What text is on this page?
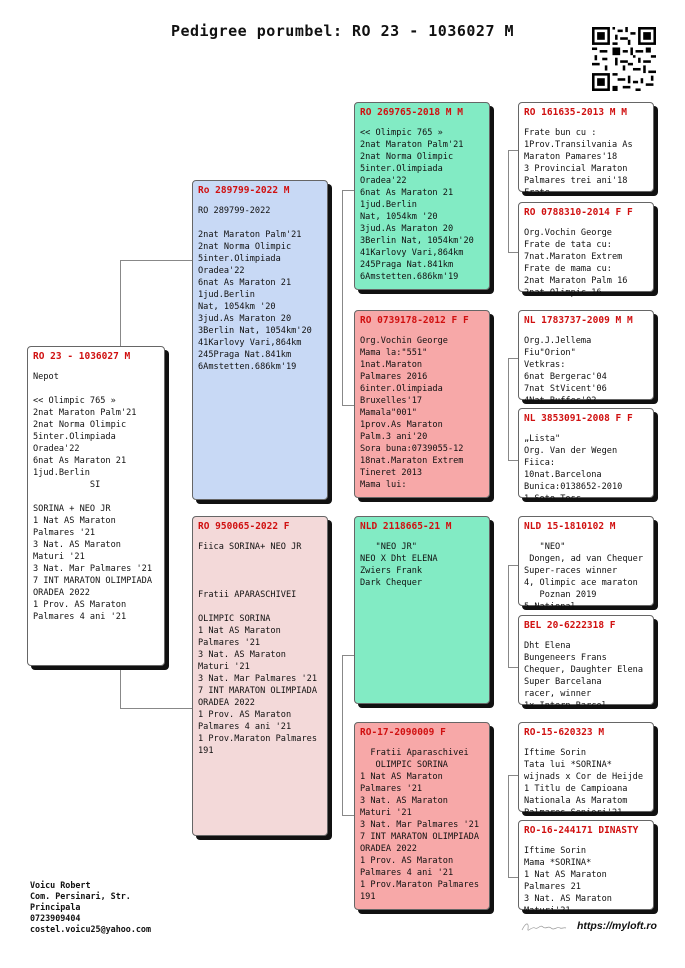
Pedigree porumbel: RO 23 - 1036027 M
RO 23 - 1036027 M
Nepot

<< Olimpic 765 »
2nat Maraton Palm'21
2nat Norma Olimpic
5inter.Olimpiada
Oradea'22
6nat As Maraton 21
1jud.Berlin
SI

SORINA + NEO JR
1 Nat AS Maraton
Palmares '21
3 Nat. AS Maraton
Maturi '21
3 Nat. Mar Palmares '21
7 INT MARATON OLIMPIADA
ORADEA 2022
1 Prov. AS Maraton
Palmares 4 ani '21
Ro 289799-2022 M
RO 289799-2022

2nat Maraton Palm'21
2nat Norma Olimpic
5inter.Olimpiada
Oradea'22
6nat As Maraton 21
1jud.Berlin
Nat, 1054km '20
3jud.As Maraton 20
3Berlin Nat, 1054km'20
41Karlovy Vari,864km
245Praga Nat.841km
6Amstetten.686km'19
RO 950065-2022 F
Fiica SORINA+ NEO JR

Fratii APARASCHIVEI

OLIMPIC SORINA
1 Nat AS Maraton
Palmares '21
3 Nat. AS Maraton
Maturi '21
3 Nat. Mar Palmares '21
7 INT MARATON OLIMPIADA
ORADEA 2022
1 Prov. AS Maraton
Palmares 4 ani '21
1 Prov.Maraton Palmares
191
RO 269765-2018 M M
<< Olimpic 765 »
2nat Maraton Palm'21
2nat Norma Olimpic
5inter.Olimpiada
Oradea'22
6nat As Maraton 21
1jud.Berlin
Nat, 1054km '20
3jud.As Maraton 20
3Berlin Nat, 1054km'20
41Karlovy Vari,864km
245Praga Nat.841km
6Amstetten.686km'19
RO 0739178-2012 F F
Org.Vochin George
Mama la:"551"
1nat.Maraton
Palmares 2016
6inter.Olimpiada
Bruxelles'17
Mamala"001"
1prov.As Maraton
Palm.3 ani'20
Sora buna:0739055-12
18nat.Maraton Extrem
Tineret 2013
Mama lui:
NLD 2118665-21 M
"NEO JR"
NEO X Dht ELENA
Zwiers Frank
Dark Chequer
RO-17-2090009 F
Fratii Aparaschivei
OLIMPIC SORINA
1 Nat AS Maraton
Palmares '21
3 Nat. AS Maraton
Maturi '21
3 Nat. Mar Palmares '21
7 INT MARATON OLIMPIADA
ORADEA 2022
1 Prov. AS Maraton
Palmares 4 ani '21
1 Prov.Maraton Palmares
191
RO 161635-2013 M M
Frate bun cu :
1Prov.Transilvania As
Maraton Pamares'18
3 Provincial Maraton
Palmares trei ani'18
Frate
RO 0788310-2014 F F
Org.Vochin George
Frate de tata cu:
7nat.Maraton Extrem
Frate de mama cu:
2nat Maraton Palm 16
2nat Olimpic 16
NL 1783737-2009 M M
Org.J.Jellema
Fiu"Orion"
Vetkras:
6nat Bergerac'04
7nat StVicent'06
4Nat Buffec'02
NL 3853091-2008 F F
„Lista"
Org. Van der Wegen
Fiica:
10nat.Barcelona
Bunica:0138652-2010
1 Soto Tosc
NLD 15-1810102 M
"NEO"
Dongen, ad van Chequer
Super-races winner
4, Olimpic ace maraton
Poznan 2019
5 National
BEL 20-6222318 F
Dht Elena
Bungeneers Frans
Chequer, Daughter Elena
Super Barcelana
racer, winner
1x Intern Barcel
RO-15-620323 M
Iftime Sorin
Tata lui *SORINA*
wijnads x Cor de Heijde
1 Titlu de Campioana
Nationala As Maratom
Palmares Seniori'21
RO-16-244171 DINASTY
Iftime Sorin
Mama *SORINA*
1 Nat AS Maraton
Palmares 21
3 Nat. AS Maraton
Maturi'21
Voicu Robert
Com. Persinari, Str.
Principala
0723909404
costel.voicu25@yahoo.com	https://myloft.ro
